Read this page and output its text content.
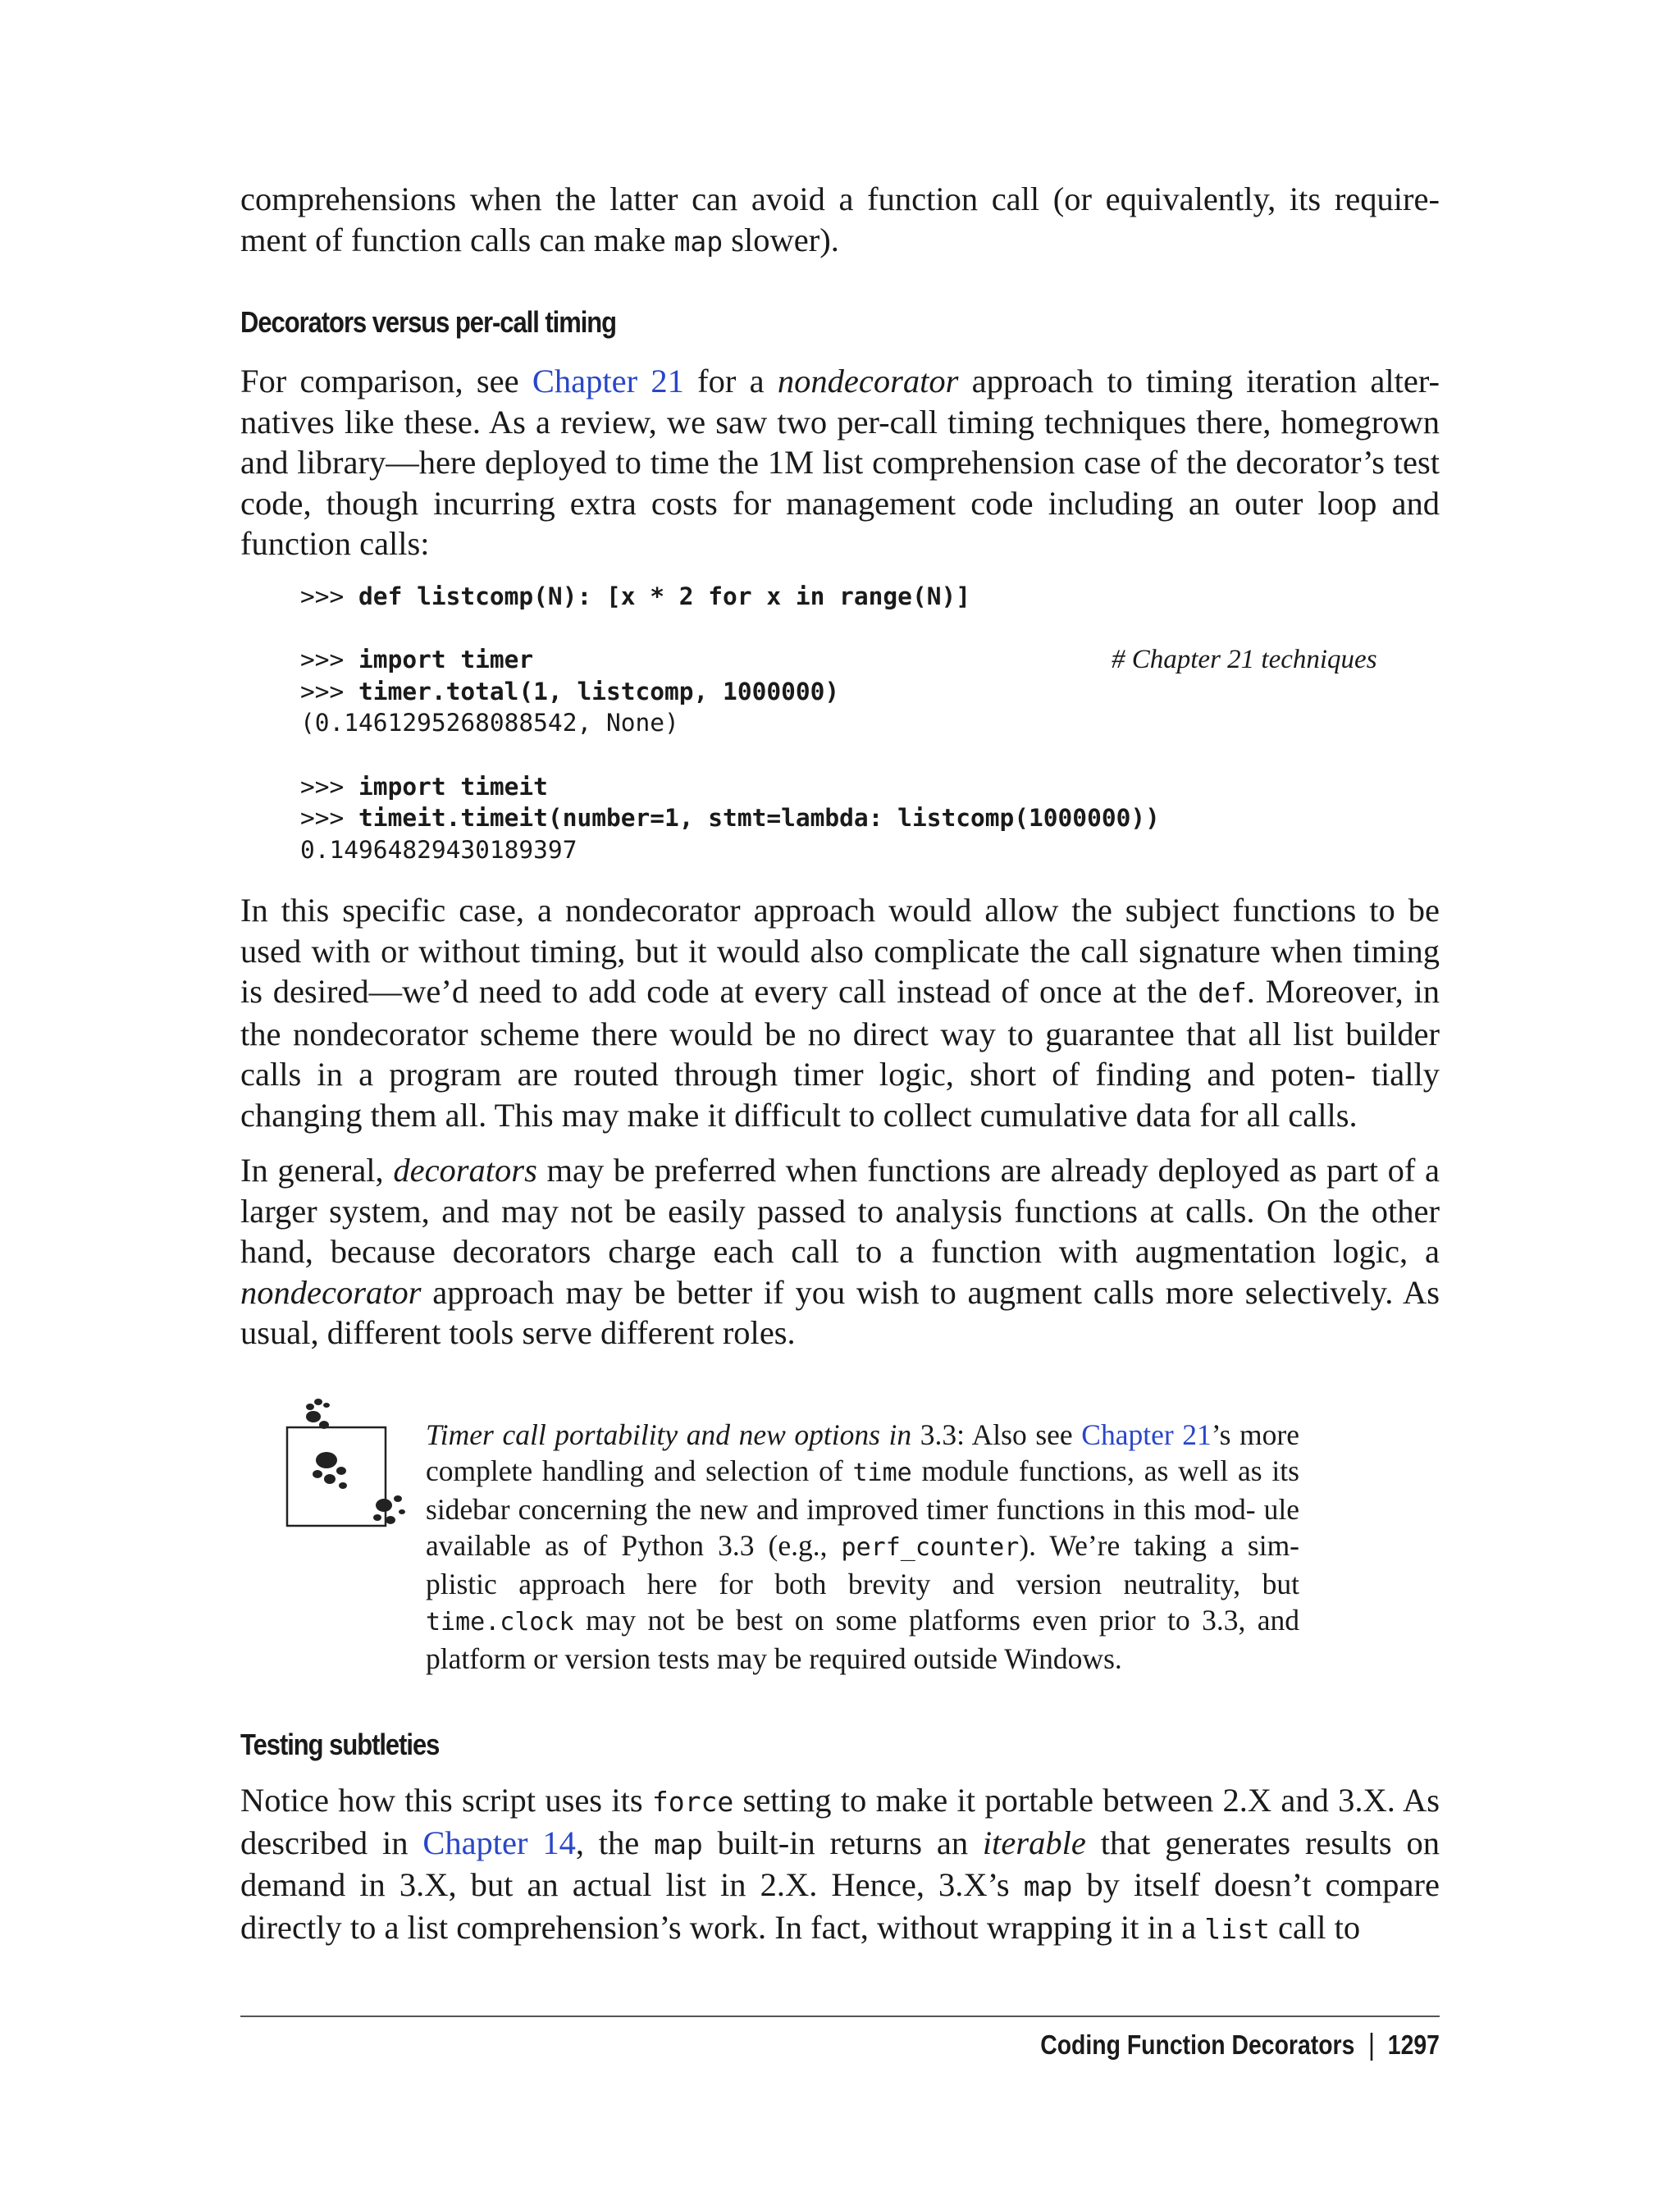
comprehensions when the latter can avoid a function call (or equivalently, its require- ment of function calls can make map slower).

Decorators versus per-call timing

For comparison, see Chapter 21 for a nondecorator approach to timing iteration alter- natives like these. As a review, we saw two per-call timing techniques there, homegrown and library—here deployed to time the 1M list comprehension case of the decorator’s test code, though incurring extra costs for management code including an outer loop and function calls:

>>> def listcomp(N): [x * 2 for x in range(N)]

>>> import timer
>>> timer.total(1, listcomp, 1000000)
(0.1461295268088542, None)

>>> import timeit
>>> timeit.timeit(number=1, stmt=lambda: listcomp(1000000))
0.14964829430189397
# Chapter 21 techniques

In this specific case, a nondecorator approach would allow the subject functions to be used with or without timing, but it would also complicate the call signature when timing is desired—we’d need to add code at every call instead of once at the def. Moreover, in the nondecorator scheme there would be no direct way to guarantee that all list builder calls in a program are routed through timer logic, short of finding and poten- tially changing them all. This may make it difficult to collect cumulative data for all calls.

In general, decorators may be preferred when functions are already deployed as part of a larger system, and may not be easily passed to analysis functions at calls. On the other hand, because decorators charge each call to a function with augmentation logic, a nondecorator approach may be better if you wish to augment calls more selectively. As usual, different tools serve different roles.

Timer call portability and new options in 3.3: Also see Chapter 21’s more complete handling and selection of time module functions, as well as its sidebar concerning the new and improved timer functions in this mod- ule available as of Python 3.3 (e.g., perf_counter). We’re taking a sim- plistic approach here for both brevity and version neutrality, but time.clock may not be best on some platforms even prior to 3.3, and platform or version tests may be required outside Windows.

Testing subtleties

Notice how this script uses its force setting to make it portable between 2.X and 3.X. As described in Chapter 14, the map built-in returns an iterable that generates results on demand in 3.X, but an actual list in 2.X. Hence, 3.X’s map by itself doesn’t compare directly to a list comprehension’s work. In fact, without wrapping it in a list call to

Coding Function Decorators 1297
